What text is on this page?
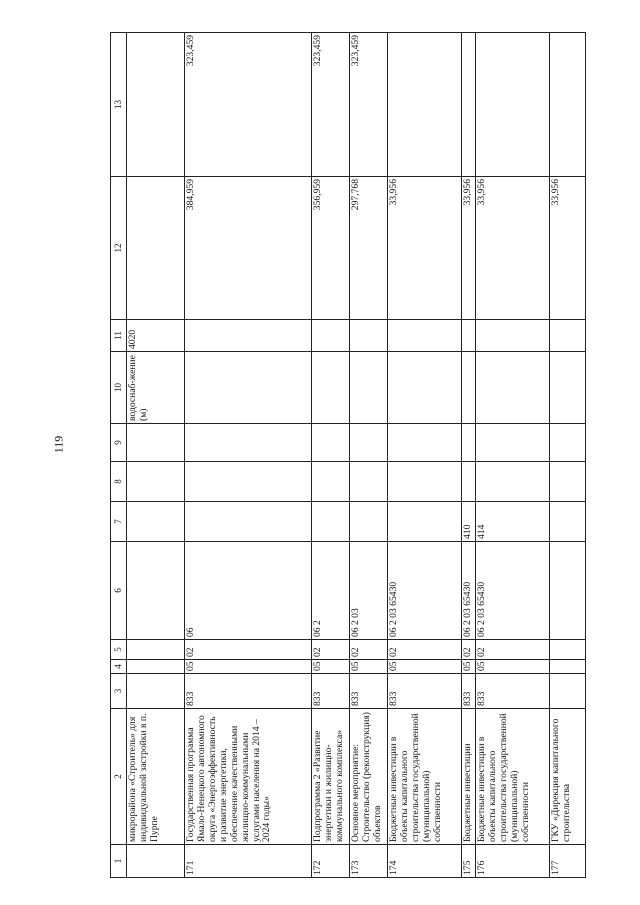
119
1	2	3	4	5	6	7	8	9	10	11	12	13
	микрорайона «Строитель» для индивидуальной застройки в п. Пурпе								водоснаб-жение (м)	4020		
171	Государственная программа Ямало-Ненецкого автономного округа «Энергоэффективность и развитие энергетики, обеспечение качественными жилищно-коммунальными услугами населения на 2014 – 2024 годы»	833	05	02	06						384,959	323,459
172	Подпрограмма 2 «Развитие энергетики и жилищно-коммунального комплекса»	833	05	02	06 2						356,959	323,459
173	Основное мероприятие: Строительство (реконструкция) объектов	833	05	02	06 2 03						297,768	323,459
174	Бюджетные инвестиции в объекты капитального строительства государственной (муниципальной) собственности	833	05	02	06 2 03 65430						33,956	
175	Бюджетные инвестиции	833	05	02	06 2 03 65430	410					33,956	
176	Бюджетные инвестиции в объекты капитального строительства государственной (муниципальной) собственности	833	05	02	06 2 03 65430	414					33,956	
177	ГКУ «Дирекция капитального строительства										33,956	
